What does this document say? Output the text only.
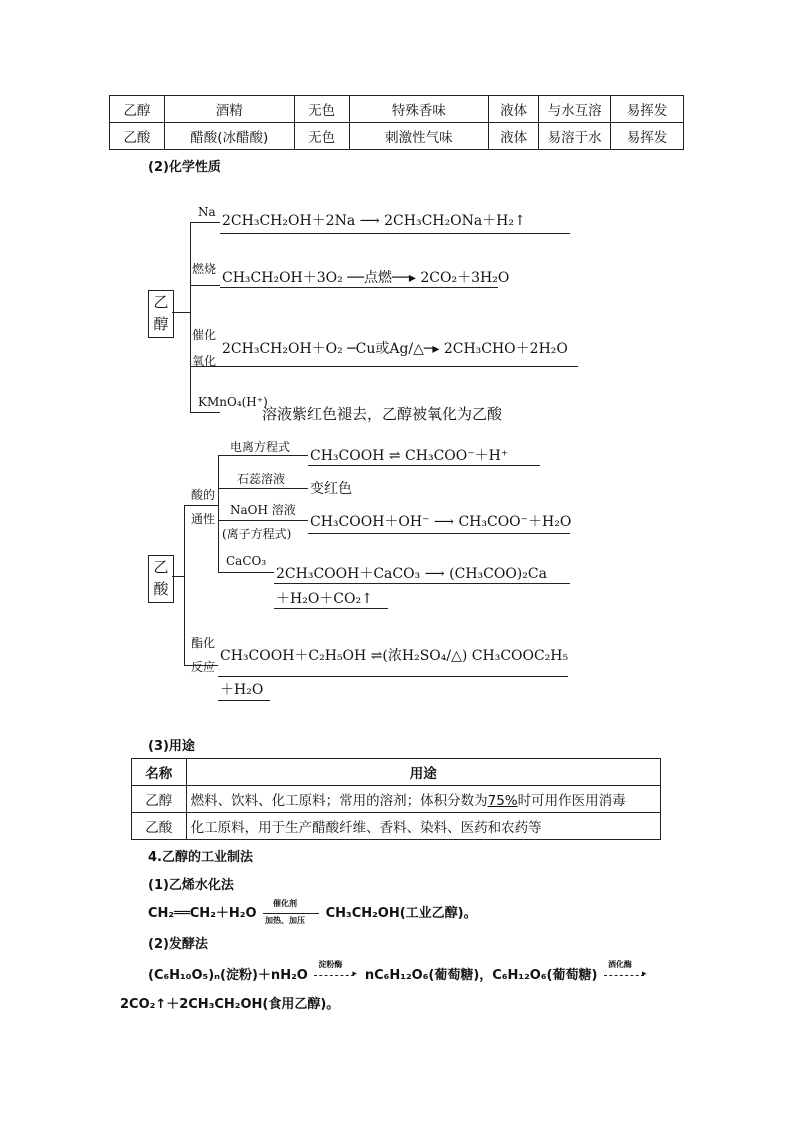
乙醇	酒精	无色	特殊香味	液体	与水互溶	易挥发
乙酸	醋酸(冰醋酸)	无色	刺激性气味	液体	易溶于水	易挥发
(2)化学性质
乙
醇
Na
2CH₃CH₂OH＋2Na ⟶ 2CH₃CH₂ONa＋H₂↑
燃烧
CH₃CH₂OH＋3O₂ ──点燃──▸ 2CO₂＋3H₂O
催化
氧化
2CH₃CH₂OH＋O₂ ─Cu或Ag/△─▸ 2CH₃CHO＋2H₂O
KMnO₄(H⁺)
溶液紫红色褪去，乙醇被氧化为乙酸
乙
酸
酸的
通性
电离方程式
CH₃COOH ⇌ CH₃COO⁻＋H⁺
石蕊溶液
变红色
NaOH 溶液
(离子方程式)
CH₃COOH＋OH⁻ ⟶ CH₃COO⁻＋H₂O
CaCO₃
2CH₃COOH＋CaCO₃ ⟶ (CH₃COO)₂Ca
＋H₂O＋CO₂↑
酯化
反应
CH₃COOH＋C₂H₅OH ⇌(浓H₂SO₄/△) CH₃COOC₂H₅
＋H₂O
(3)用途
名称	用途
乙醇	燃料、饮料、化工原料；常用的溶剂；体积分数为75%时可用作医用消毒
乙酸	化工原料，用于生产醋酸纤维、香料、染料、医药和农药等
4.乙醇的工业制法
(1)乙烯水化法
CH₂══CH₂＋H₂O
催化剂
加热、加压 CH₃CH₂OH(工业乙醇)。
(2)发酵法
(C₆H₁₀O₅)ₙ(淀粉)＋nH₂O
淀粉酶
▸ nC₆H₁₂O₆(葡萄糖)，C₆H₁₂O₆(葡萄糖)
酒化酶
▸
2CO₂↑＋2CH₃CH₂OH(食用乙醇)。
